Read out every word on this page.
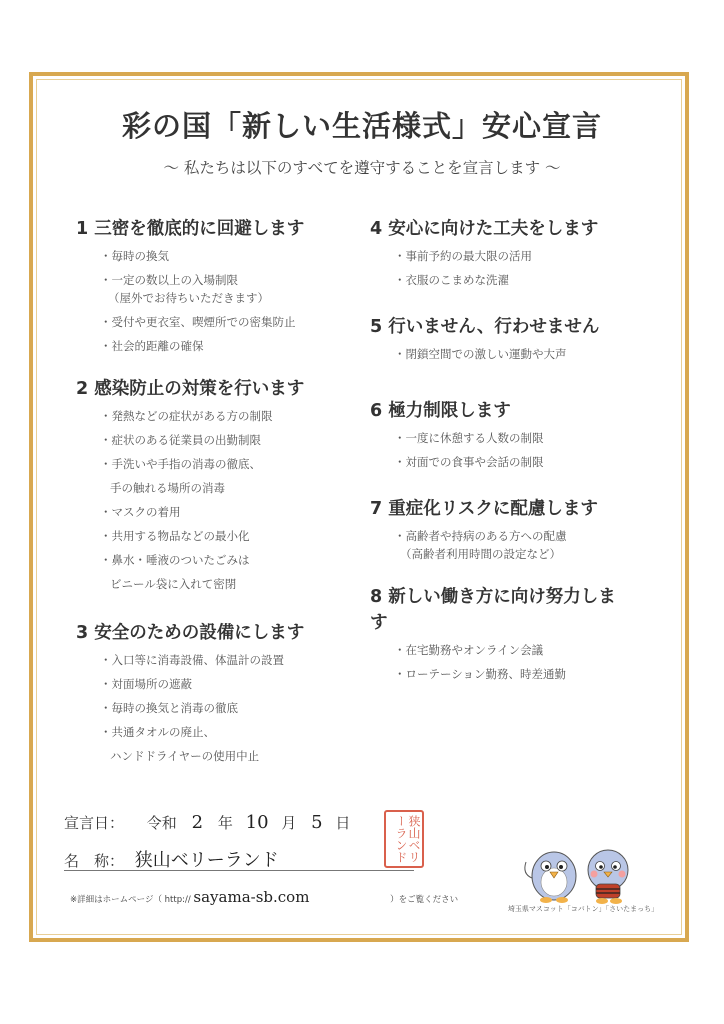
彩の国「新しい生活様式」安心宣言
～ 私たちは以下のすべてを遵守することを宣言します ～
1 三密を徹底的に回避します
・毎時の換気
・一定の数以上の入場制限
（屋外でお待ちいただきます）
・受付や更衣室、喫煙所での密集防止
・社会的距離の確保
2 感染防止の対策を行います
・発熱などの症状がある方の制限
・症状のある従業員の出勤制限
・手洗いや手指の消毒の徹底、
手の触れる場所の消毒
・マスクの着用
・共用する物品などの最小化
・鼻水・唾液のついたごみは
ビニール袋に入れて密閉
3 安全のための設備にします
・入口等に消毒設備、体温計の設置
・対面場所の遮蔽
・毎時の換気と消毒の徹底
・共通タオルの廃止、
ハンドドライヤーの使用中止
4 安心に向けた工夫をします
・事前予約の最大限の活用
・衣服のこまめな洗濯
5 行いません、行わせません
・閉鎖空間での激しい運動や大声
6 極力制限します
・一度に休憩する人数の制限
・対面での食事や会話の制限
7 重症化リスクに配慮します
・高齢者や持病のある方への配慮
（高齢者利用時間の設定など）
8 新しい働き方に向け努力します
・在宅勤務やオンライン会議
・ローテーション勤務、時差通勤
宣言日： 令和 2 年 10 月 5 日
名　称： 狭山ベリーランド	狭山ベリーランド
※詳細はホームページ（ http:// sayama-sb.com	）をご覧ください
埼玉県マスコット「コバトン」「さいたまっち」
